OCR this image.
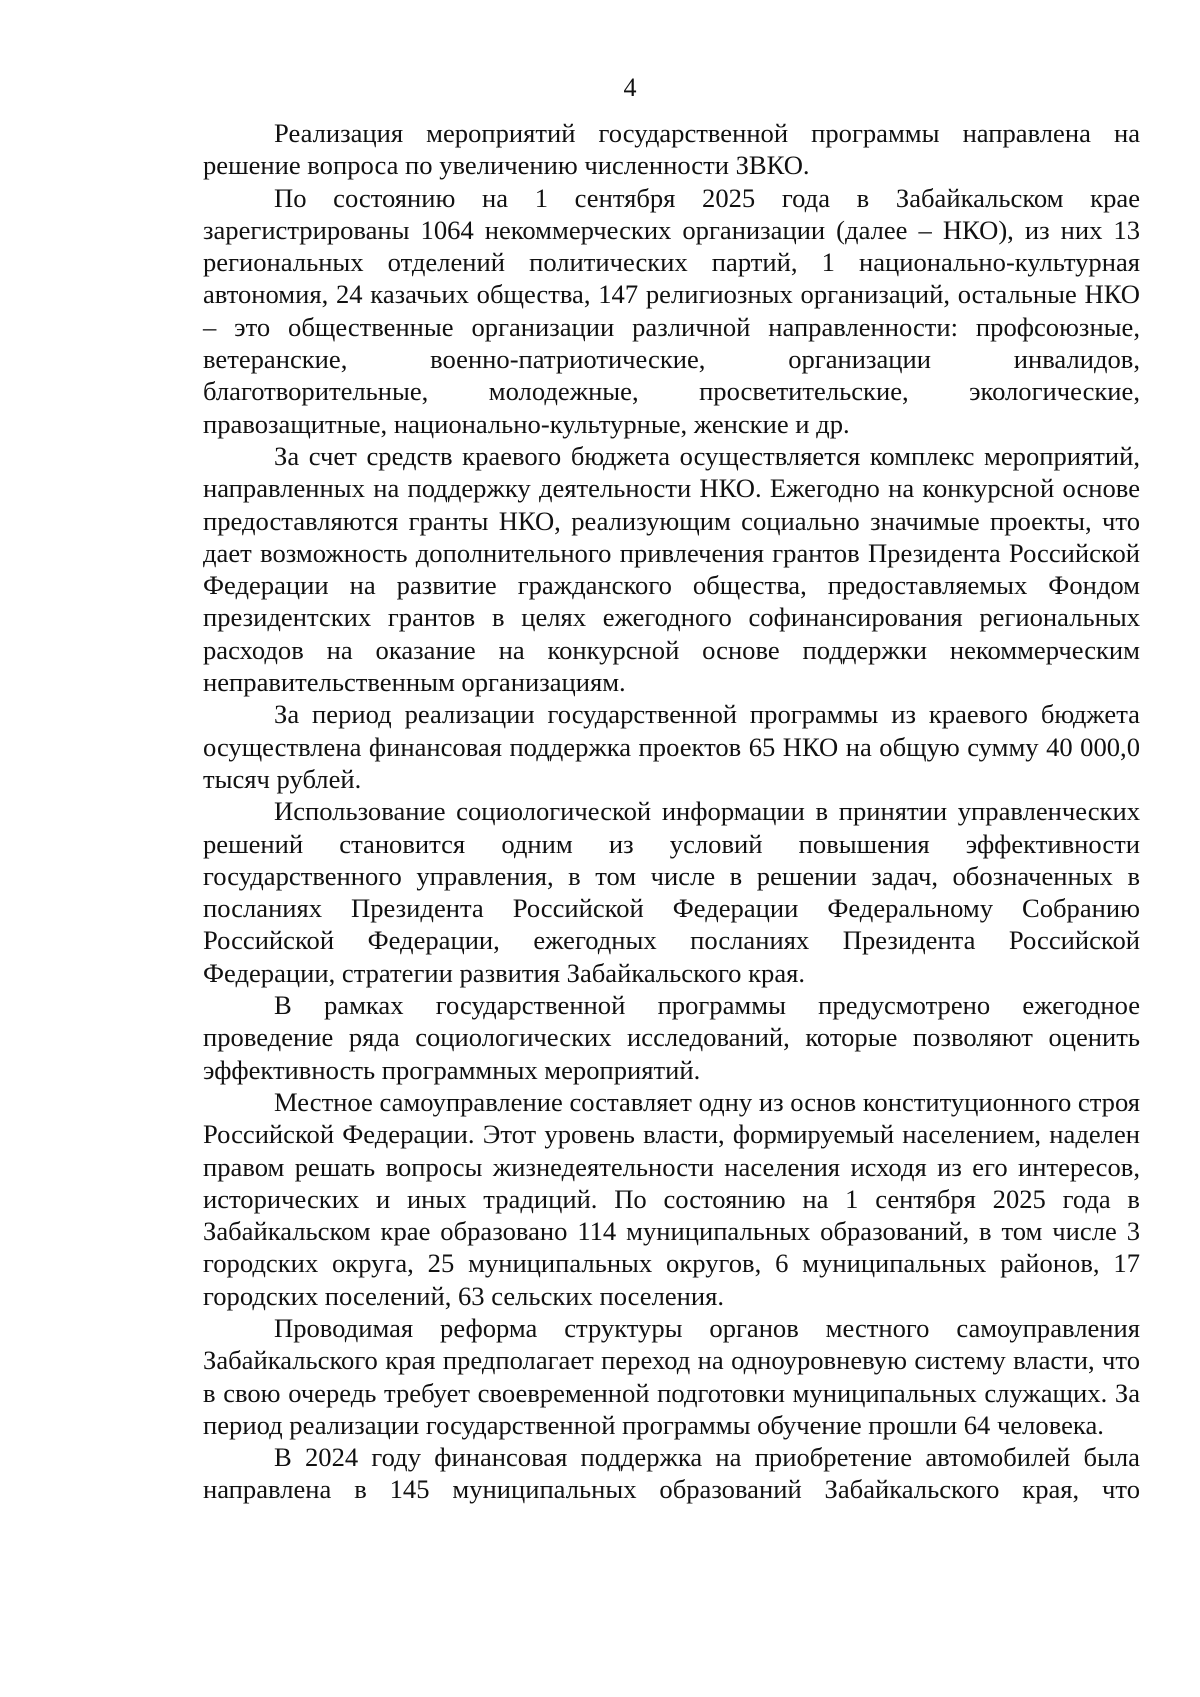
4

Реализация мероприятий государственной программы направлена на решение вопроса по увеличению численности ЗВКО.

По состоянию на 1 сентября 2025 года в Забайкальском крае зарегистрированы 1064 некоммерческих организации (далее – НКО), из них 13 региональных отделений политических партий, 1 национально-культурная автономия, 24 казачьих общества, 147 религиозных организаций, остальные НКО – это общественные организации различной направленности: профсоюзные, ветеранские, военно-патриотические, организации инвалидов, благотворительные, молодежные, просветительские, экологические, правозащитные, национально-культурные, женские и др.

За счет средств краевого бюджета осуществляется комплекс мероприятий, направленных на поддержку деятельности НКО. Ежегодно на конкурсной основе предоставляются гранты НКО, реализующим социально значимые проекты, что дает возможность дополнительного привлечения грантов Президента Российской Федерации на развитие гражданского общества, предоставляемых Фондом президентских грантов в целях ежегодного софинансирования региональных расходов на оказание на конкурсной основе поддержки некоммерческим неправительственным организациям.

За период реализации государственной программы из краевого бюджета осуществлена финансовая поддержка проектов 65 НКО на общую сумму 40 000,0 тысяч рублей.

Использование социологической информации в принятии управленческих решений становится одним из условий повышения эффективности государственного управления, в том числе в решении задач, обозначенных в посланиях Президента Российской Федерации Федеральному Собранию Российской Федерации, ежегодных посланиях Президента Российской Федерации, стратегии развития Забайкальского края.

В рамках государственной программы предусмотрено ежегодное проведение ряда социологических исследований, которые позволяют оценить эффективность программных мероприятий.

Местное самоуправление составляет одну из основ конституционного строя Российской Федерации. Этот уровень власти, формируемый населением, наделен правом решать вопросы жизнедеятельности населения исходя из его интересов, исторических и иных традиций. По состоянию на 1 сентября 2025 года в Забайкальском крае образовано 114 муниципальных образований, в том числе 3 городских округа, 25 муниципальных округов, 6 муниципальных районов, 17 городских поселений, 63 сельских поселения.

Проводимая реформа структуры органов местного самоуправления Забайкальского края предполагает переход на одноуровневую систему власти, что в свою очередь требует своевременной подготовки муниципальных служащих. За период реализации государственной программы обучение прошли 64 человека.

В 2024 году финансовая поддержка на приобретение автомобилей была направлена в 145 муниципальных образований Забайкальского края, что
